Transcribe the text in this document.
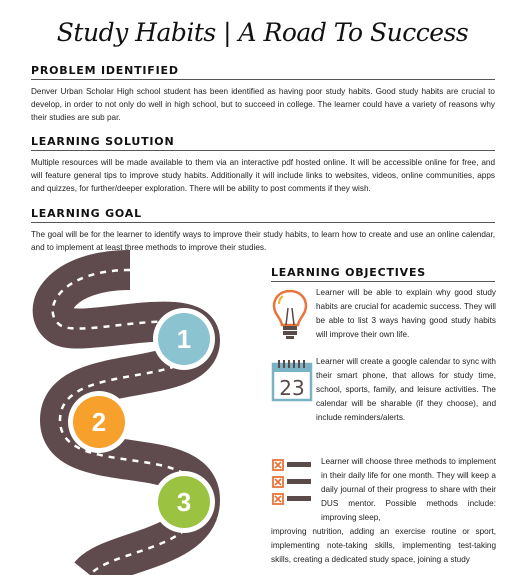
Study Habits | A Road To Success
PROBLEM IDENTIFIED
Denver Urban Scholar High school student has been identified as having poor study habits. Good study habits are crucial to develop, in order to not only do well in high school, but to succeed in college. The learner could have a variety of reasons why their studies are sub par.
LEARNING SOLUTION
Multiple resources will be made available to them via an interactive pdf hosted online. It will be accessible online for free, and will feature general tips to improve study habits. Additionally it will include links to websites, videos, online communities, apps and quizzes, for further/deeper exploration. There will be ability to post comments if they wish.
LEARNING GOAL
The goal will be for the learner to identify ways to improve their study habits, to learn how to create and use an online calendar, and to implement at least three methods to improve their studies.
1
2
3
LEARNING OBJECTIVES
23
Learner will be able to explain why good study habits are crucial for academic success. They will be able to list 3 ways having good study habits will improve their own life.
Learner will create a google calendar to sync with their smart phone, that allows for study time, school, sports, family, and leisure activities. The calendar will be sharable (if they choose), and include reminders/alerts.
Learner will choose three methods to implement in their daily life for one month. They will keep a daily journal of their progress to share with their DUS mentor. Possible methods include: improving sleep,
improving nutrition, adding an exercise routine or sport, implementing note-taking skills, implementing test-taking skills, creating a dedicated study space, joining a study
